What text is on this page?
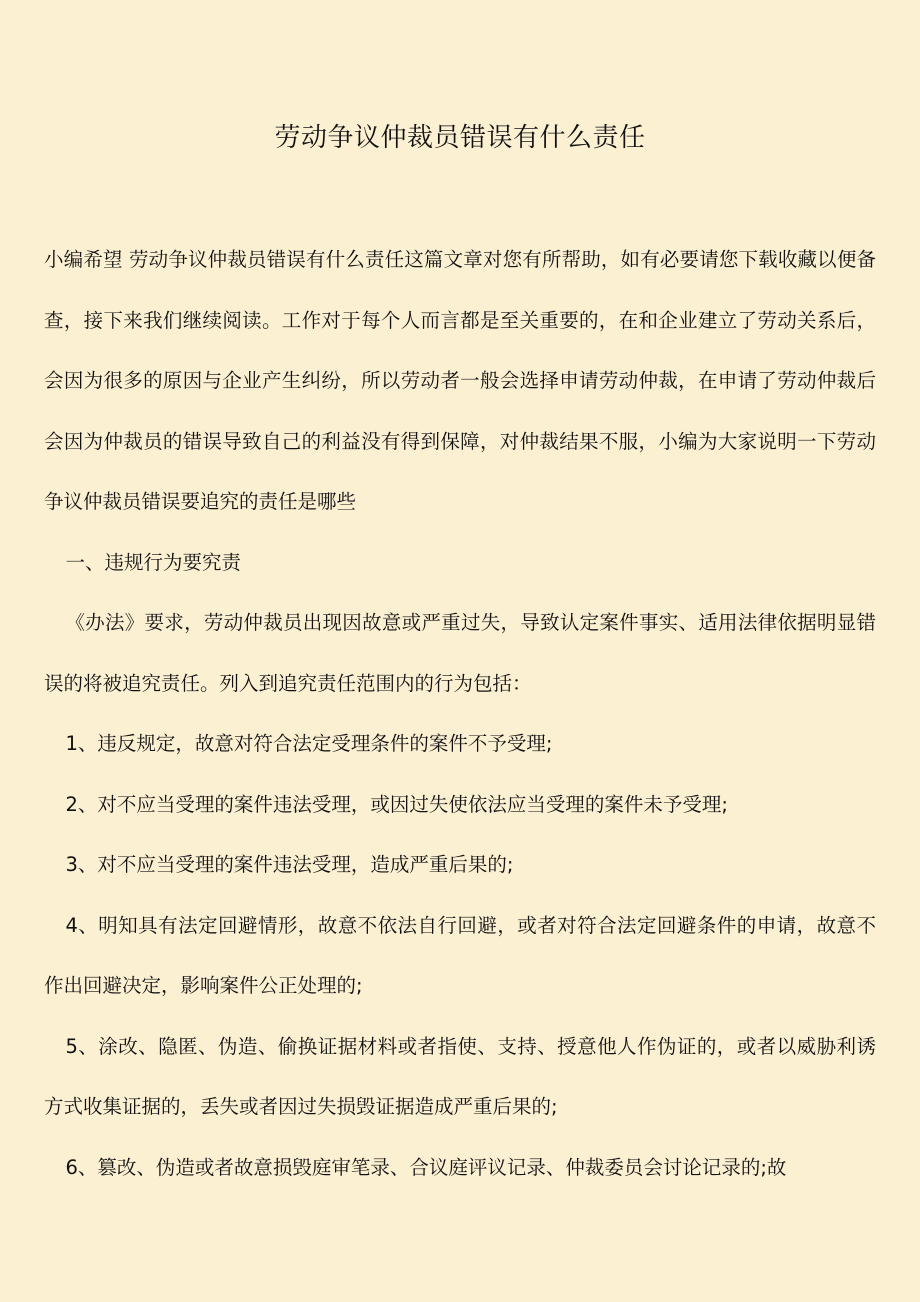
劳动争议仲裁员错误有什么责任

小编希望 劳动争议仲裁员错误有什么责任这篇文章对您有所帮助，如有必要请您下载收藏以便备查，接下来我们继续阅读。工作对于每个人而言都是至关重要的，在和企业建立了劳动关系后，会因为很多的原因与企业产生纠纷，所以劳动者一般会选择申请劳动仲裁，在申请了劳动仲裁后会因为仲裁员的错误导致自己的利益没有得到保障，对仲裁结果不服，小编为大家说明一下劳动争议仲裁员错误要追究的责任是哪些

一、违规行为要究责

《办法》要求，劳动仲裁员出现因故意或严重过失，导致认定案件事实、适用法律依据明显错误的将被追究责任。列入到追究责任范围内的行为包括：

1、违反规定，故意对符合法定受理条件的案件不予受理;

2、对不应当受理的案件违法受理，或因过失使依法应当受理的案件未予受理;

3、对不应当受理的案件违法受理，造成严重后果的;

4、明知具有法定回避情形，故意不依法自行回避，或者对符合法定回避条件的申请，故意不作出回避决定，影响案件公正处理的;

5、涂改、隐匿、伪造、偷换证据材料或者指使、支持、授意他人作伪证的，或者以威胁利诱方式收集证据的，丢失或者因过失损毁证据造成严重后果的;

6、篡改、伪造或者故意损毁庭审笔录、合议庭评议记录、仲裁委员会讨论记录的;故
